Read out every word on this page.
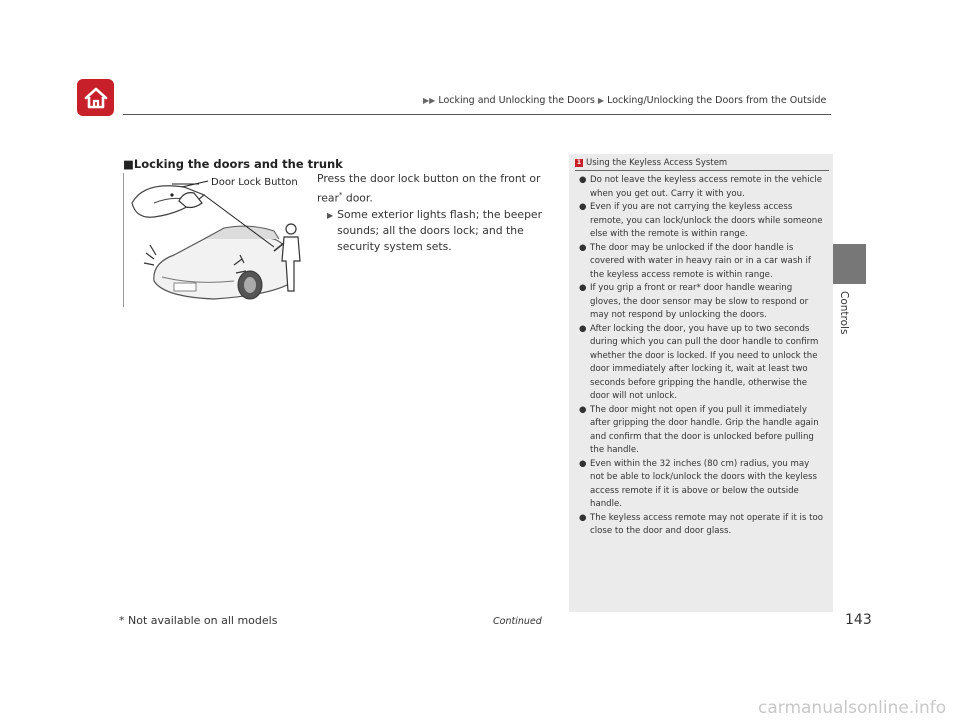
▶▶ Locking and Unlocking the Doors ▶ Locking/Unlocking the Doors from the Outside
Controls
■Locking the doors and the trunk
Door Lock Button Press the door lock button on the front or
rear* door.
▶ Some exterior lights flash; the beeper sounds; all the doors lock; and the security system sets.
1 Using the Keyless Access System
● Do not leave the keyless access remote in the vehicle when you get out. Carry it with you.
● Even if you are not carrying the keyless access remote, you can lock/unlock the doors while someone else with the remote is within range.
● The door may be unlocked if the door handle is covered with water in heavy rain or in a car wash if the keyless access remote is within range.
● If you grip a front or rear* door handle wearing gloves, the door sensor may be slow to respond or may not respond by unlocking the doors.
● After locking the door, you have up to two seconds during which you can pull the door handle to confirm whether the door is locked. If you need to unlock the door immediately after locking it, wait at least two seconds before gripping the handle, otherwise the door will not unlock.
● The door might not open if you pull it immediately after gripping the door handle. Grip the handle again and confirm that the door is unlocked before pulling the handle.
● Even within the 32 inches (80 cm) radius, you may not be able to lock/unlock the doors with the keyless access remote if it is above or below the outside handle.
● The keyless access remote may not operate if it is too close to the door and door glass.
* Not available on all models	Continued	143
carmanualsonline.info
